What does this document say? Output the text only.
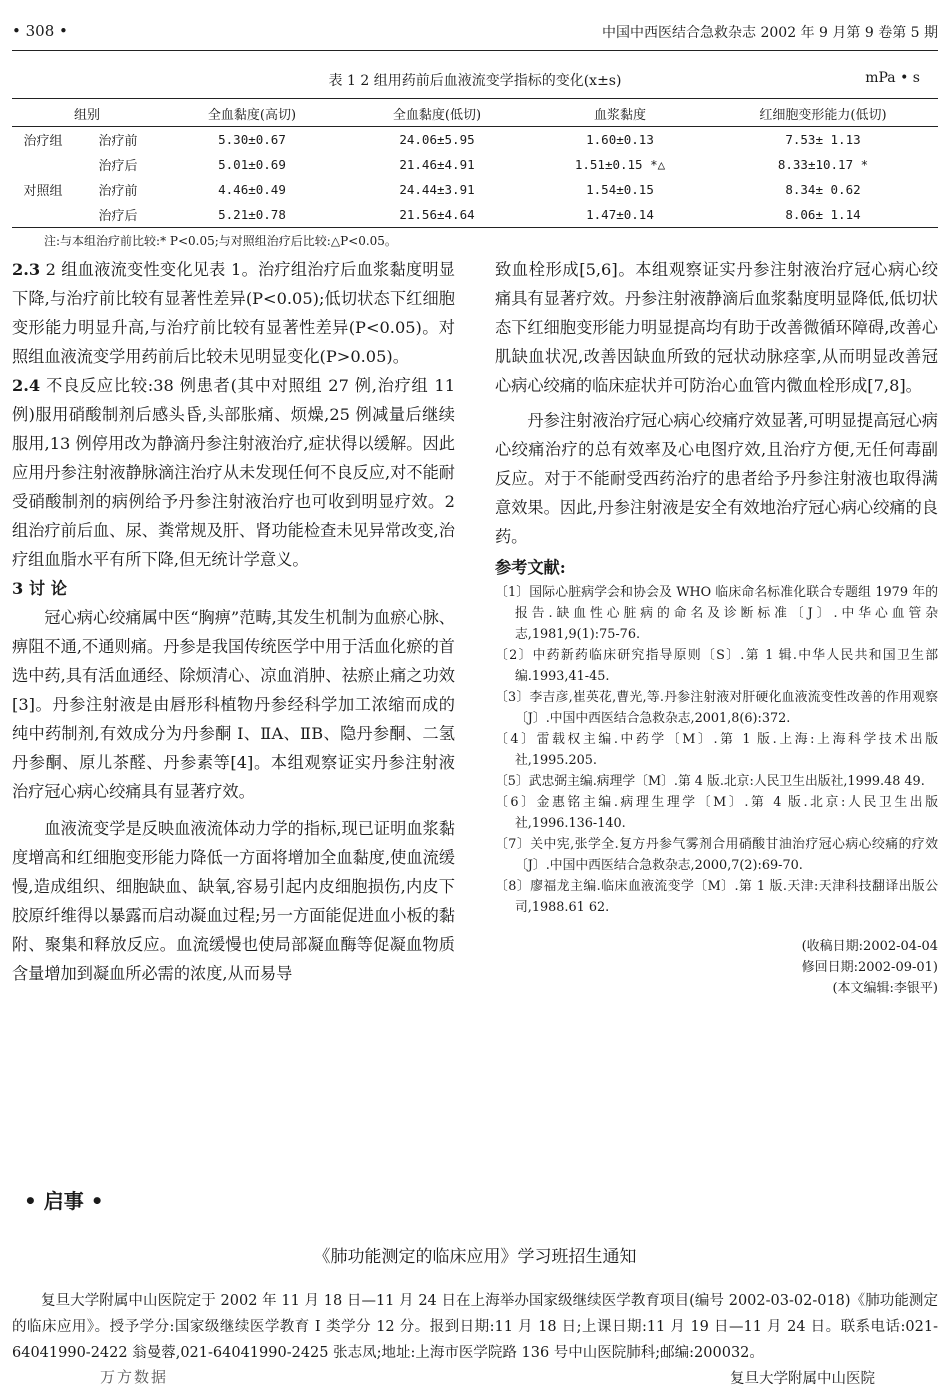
• 308 •	中国中西医结合急救杂志 2002 年 9 月第 9 卷第 5 期
表 1 2 组用药前后血液流变学指标的变化(x±s)	mPa • s
组别		全血黏度(高切)	全血黏度(低切)	血浆黏度	红细胞变形能力(低切)
治疗组	治疗前	5.30±0.67	24.06±5.95	1.60±0.13	7.53± 1.13
	治疗后	5.01±0.69	21.46±4.91	1.51±0.15 *△	8.33±10.17 *
对照组	治疗前	4.46±0.49	24.44±3.91	1.54±0.15	8.34± 0.62
	治疗后	5.21±0.78	21.56±4.64	1.47±0.14	8.06± 1.14
注:与本组治疗前比较:* P<0.05;与对照组治疗后比较:△P<0.05。

2.3 2 组血液流变性变化见表 1。治疗组治疗后血浆黏度明显下降,与治疗前比较有显著性差异(P<0.05);低切状态下红细胞变形能力明显升高,与治疗前比较有显著性差异(P<0.05)。对照组血液流变学用药前后比较未见明显变化(P>0.05)。

2.4 不良反应比较:38 例患者(其中对照组 27 例,治疗组 11 例)服用硝酸制剂后感头昏,头部胀痛、烦燥,25 例减量后继续服用,13 例停用改为静滴丹参注射液治疗,症状得以缓解。因此应用丹参注射液静脉滴注治疗从未发现任何不良反应,对不能耐受硝酸制剂的病例给予丹参注射液治疗也可收到明显疗效。2 组治疗前后血、尿、粪常规及肝、肾功能检查未见异常改变,治疗组血脂水平有所下降,但无统计学意义。

3 讨 论

冠心病心绞痛属中医“胸痹”范畴,其发生机制为血瘀心脉、痹阻不通,不通则痛。丹参是我国传统医学中用于活血化瘀的首选中药,具有活血通经、除烦清心、凉血消肿、祛瘀止痛之功效[3]。丹参注射液是由唇形科植物丹参经科学加工浓缩而成的纯中药制剂,有效成分为丹参酮 Ⅰ、ⅡA、ⅡB、隐丹参酮、二氢丹参酮、原儿茶醛、丹参素等[4]。本组观察证实丹参注射液治疗冠心病心绞痛具有显著疗效。

血液流变学是反映血液流体动力学的指标,现已证明血浆黏度增高和红细胞变形能力降低一方面将增加全血黏度,使血流缓慢,造成组织、细胞缺血、缺氧,容易引起内皮细胞损伤,内皮下胶原纤维得以暴露而启动凝血过程;另一方面能促进血小板的黏附、聚集和释放反应。血流缓慢也使局部凝血酶等促凝血物质含量增加到凝血所必需的浓度,从而易导

致血栓形成[5,6]。本组观察证实丹参注射液治疗冠心病心绞痛具有显著疗效。丹参注射液静滴后血浆黏度明显降低,低切状态下红细胞变形能力明显提高均有助于改善微循环障碍,改善心肌缺血状况,改善因缺血所致的冠状动脉痉挛,从而明显改善冠心病心绞痛的临床症状并可防治心血管内微血栓形成[7,8]。

丹参注射液治疗冠心病心绞痛疗效显著,可明显提高冠心病心绞痛治疗的总有效率及心电图疗效,且治疗方便,无任何毒副反应。对于不能耐受西药治疗的患者给予丹参注射液也取得满意效果。因此,丹参注射液是安全有效地治疗冠心病心绞痛的良药。

参考文献:

〔1〕国际心脏病学会和协会及 WHO 临床命名标准化联合专题组 1979 年的报告.缺血性心脏病的命名及诊断标准〔J〕.中华心血管杂志,1981,9(1):75-76.

〔2〕中药新药临床研究指导原则〔S〕.第 1 辑.中华人民共和国卫生部编.1993,41-45.

〔3〕李吉彦,崔英花,曹光,等.丹参注射液对肝硬化血液流变性改善的作用观察〔J〕.中国中西医结合急救杂志,2001,8(6):372.

〔4〕雷载权主编.中药学〔M〕.第 1 版.上海:上海科学技术出版社,1995.205.

〔5〕武忠弼主编.病理学〔M〕.第 4 版.北京:人民卫生出版社,1999.48 49.

〔6〕金惠铭主编.病理生理学〔M〕.第 4 版.北京:人民卫生出版社,1996.136-140.

〔7〕关中宪,张学全.复方丹参气雾剂合用硝酸甘油治疗冠心病心绞痛的疗效〔J〕.中国中西医结合急救杂志,2000,7(2):69-70.

〔8〕廖福龙主编.临床血液流变学〔M〕.第 1 版.天津:天津科技翻译出版公司,1988.61 62.

(收稿日期:2002-04-04
修回日期:2002-09-01)
(本文编辑:李银平)
• 启事 •
《肺功能测定的临床应用》学习班招生通知
复旦大学附属中山医院定于 2002 年 11 月 18 日—11 月 24 日在上海举办国家级继续医学教育项目(编号 2002-03-02-018)《肺功能测定的临床应用》。授予学分:国家级继续医学教育 Ⅰ 类学分 12 分。报到日期:11 月 18 日;上课日期:11 月 19 日—11 月 24 日。联系电话:021-64041990-2422 翁曼蓉,021-64041990-2425 张志凤;地址:上海市医学院路 136 号中山医院肺科;邮编:200032。
万方数据	复旦大学附属中山医院
